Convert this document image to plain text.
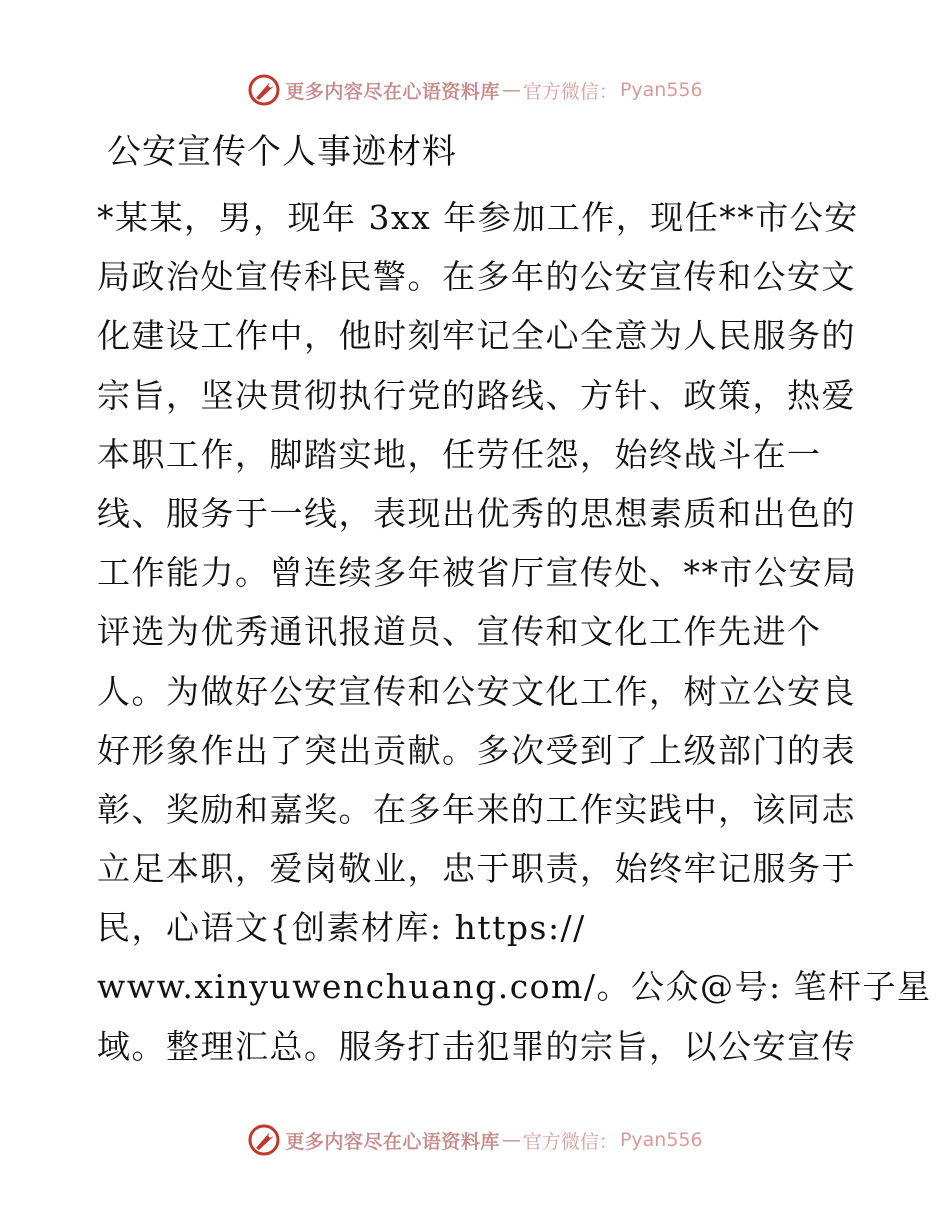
更多内容尽在心语资料库 — 官方微信： Pyan556
公安宣传个人事迹材料
*某某，男，现年 3xx 年参加工作，现任**市公安
局政治处宣传科民警。在多年的公安宣传和公安文
化建设工作中，他时刻牢记全心全意为人民服务的
宗旨，坚决贯彻执行党的路线、方针、政策，热爱
本职工作，脚踏实地，任劳任怨，始终战斗在一
线、服务于一线，表现出优秀的思想素质和出色的
工作能力。曾连续多年被省厅宣传处、**市公安局
评选为优秀通讯报道员、宣传和文化工作先进个
人。为做好公安宣传和公安文化工作，树立公安良
好形象作出了突出贡献。多次受到了上级部门的表
彰、奖励和嘉奖。在多年来的工作实践中，该同志
立足本职，爱岗敬业，忠于职责，始终牢记服务于
民，心语文{创素材库: https://
www.xinyuwenchuang.com/。公众@号: 笔杆子星
域。整理汇总。服务打击犯罪的宗旨，以公安宣传
更多内容尽在心语资料库 — 官方微信： Pyan556
